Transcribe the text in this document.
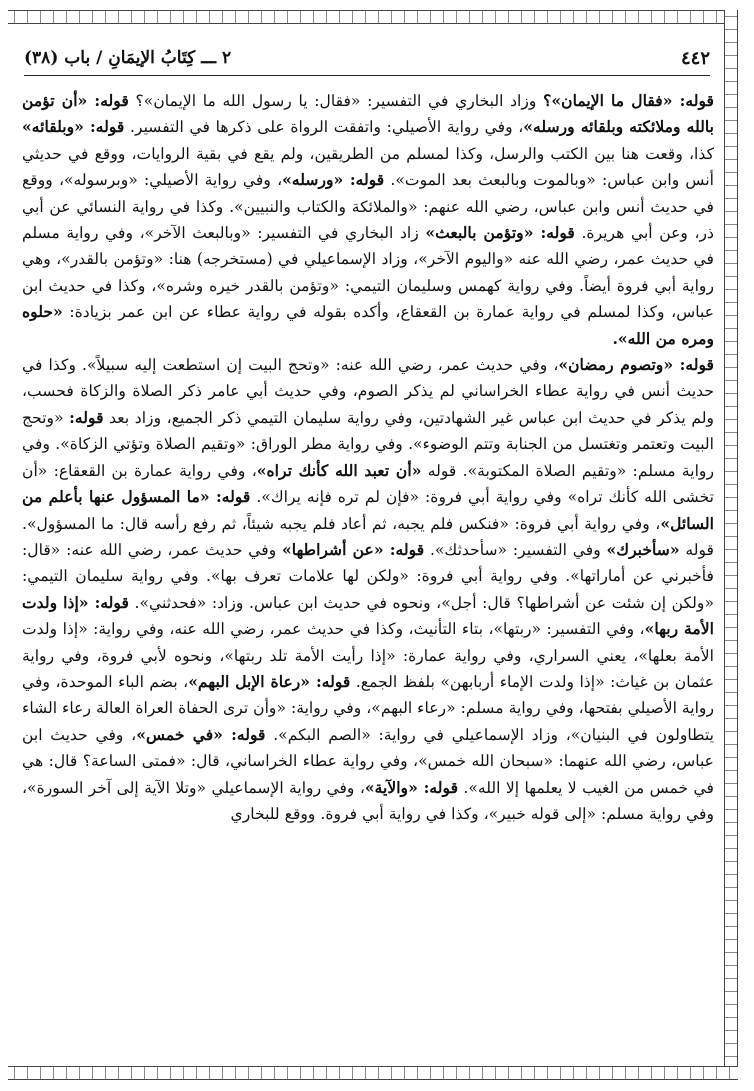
٤٤٢
٢ ـــ كِتَابُ الإيمَانِ / باب (٣٨)

قوله: «فقال ما الإيمان»؟ وزاد البخاري في التفسير: «فقال: يا رسول الله ما الإيمان»؟ قوله: «أن تؤمن بالله وملائكته وبلقائه ورسله»، وفي رواية الأصيلي: واتفقت الرواة على ذكرها في التفسير. قوله: «وبلقائه» كذا، وقعت هنا بين الكتب والرسل، وكذا لمسلم من الطريقين، ولم يقع في بقية الروايات، ووقع في حديثي أنس وابن عباس: «وبالموت وبالبعث بعد الموت». قوله: «ورسله»، وفي رواية الأصيلي: «وبرسوله»، ووقع في حديث أنس وابن عباس، رضي الله عنهم: «والملائكة والكتاب والنبيين». وكذا في رواية النسائي عن أبي ذر، وعن أبي هريرة. قوله: «وتؤمن بالبعث» زاد البخاري في التفسير: «وبالبعث الآخر»، وفي رواية مسلم في حديث عمر، رضي الله عنه «واليوم الآخر»، وزاد الإسماعيلي في (مستخرجه) هنا: «وتؤمن بالقدر»، وهي رواية أبي فروة أيضاً. وفي رواية كهمس وسليمان التيمي: «وتؤمن بالقدر خيره وشره»، وكذا في حديث ابن عباس، وكذا لمسلم في رواية عمارة بن القعقاع، وأكده بقوله في رواية عطاء عن ابن عمر بزيادة: «حلوه ومره من الله».

قوله: «وتصوم رمضان»، وفي حديث عمر، رضي الله عنه: «وتحج البيت إن استطعت إليه سبيلاً». وكذا في حديث أنس في رواية عطاء الخراساني لم يذكر الصوم، وفي حديث أبي عامر ذكر الصلاة والزكاة فحسب، ولم يذكر في حديث ابن عباس غير الشهادتين، وفي رواية سليمان التيمي ذكر الجميع، وزاد بعد قوله: «وتحج البيت وتعتمر وتغتسل من الجنابة وتتم الوضوء». وفي رواية مطر الوراق: «وتقيم الصلاة وتؤتي الزكاة». وفي رواية مسلم: «وتقيم الصلاة المكتوبة». قوله «أن تعبد الله كأنك تراه»، وفي رواية عمارة بن القعقاع: «أن تخشى الله كأنك تراه» وفي رواية أبي فروة: «فإن لم تره فإنه يراك». قوله: «ما المسؤول عنها بأعلم من السائل»، وفي رواية أبي فروة: «فنكس فلم يجبه، ثم أعاد فلم يجبه شيئاً، ثم رفع رأسه قال: ما المسؤول». قوله «سأخبرك» وفي التفسير: «سأحدثك». قوله: «عن أشراطها» وفي حديث عمر، رضي الله عنه: «قال: فأخبرني عن أماراتها». وفي رواية أبي فروة: «ولكن لها علامات تعرف بها». وفي رواية سليمان التيمي: «ولكن إن شئت عن أشراطها؟ قال: أجل»، ونحوه في حديث ابن عباس. وزاد: «فحدثني». قوله: «إذا ولدت الأمة ربها»، وفي التفسير: «ربتها»، بتاء التأنيث، وكذا في حديث عمر، رضي الله عنه، وفي رواية: «إذا ولدت الأمة بعلها»، يعني السراري، وفي رواية عمارة: «إذا رأيت الأمة تلد ربتها»، ونحوه لأبي فروة، وفي رواية عثمان بن غياث: «إذا ولدت الإماء أربابهن» بلفظ الجمع. قوله: «رعاة الإبل البهم»، بضم الباء الموحدة، وفي رواية الأصيلي بفتحها، وفي رواية مسلم: «رعاء البهم»، وفي رواية: «وأن ترى الحفاة العراة العالة رعاء الشاء يتطاولون في البنيان»، وزاد الإسماعيلي في رواية: «الصم البكم». قوله: «في خمس»، وفي حديث ابن عباس، رضي الله عنهما: «سبحان الله خمس»، وفي رواية عطاء الخراساني، قال: «فمتى الساعة؟ قال: هي في خمس من الغيب لا يعلمها إلا الله». قوله: «والآية»، وفي رواية الإسماعيلي «وتلا الآية إلى آخر السورة»، وفي رواية مسلم: «إلى قوله خبير»، وكذا في رواية أبي فروة. ووقع للبخاري
